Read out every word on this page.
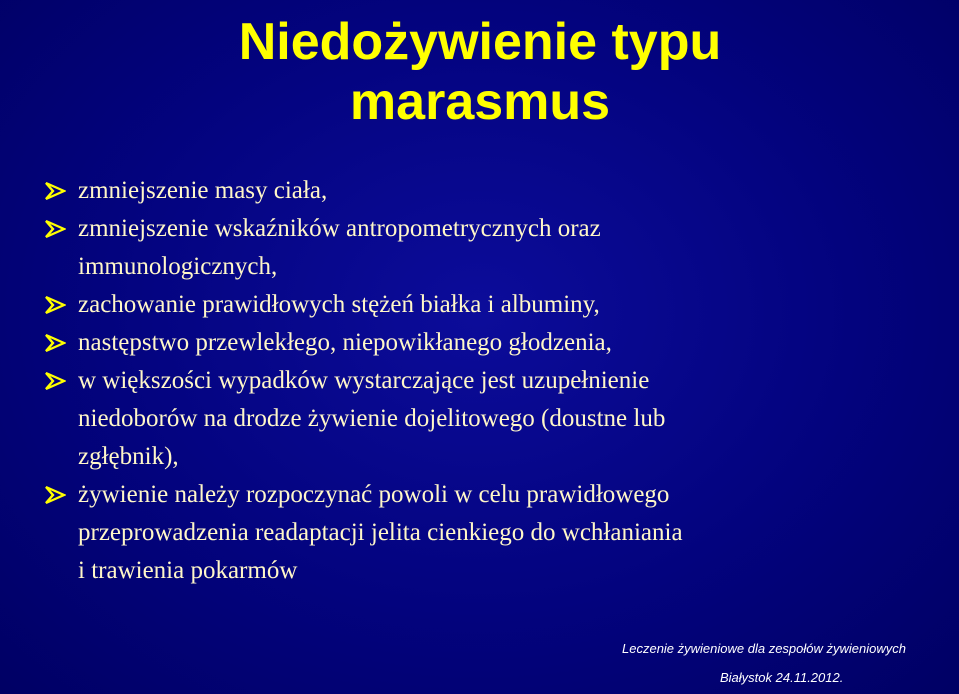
Niedożywienie typu
marasmus
zmniejszenie masy ciała,
zmniejszenie wskaźników antropometrycznych oraz
immunologicznych,
zachowanie prawidłowych stężeń białka i albuminy,
następstwo przewlekłego, niepowikłanego głodzenia,
w większości wypadków wystarczające jest uzupełnienie
niedoborów na drodze żywienie dojelitowego (doustne lub
zgłębnik),
żywienie należy rozpoczynać powoli w celu prawidłowego
przeprowadzenia readaptacji jelita cienkiego do wchłaniania
i trawienia pokarmów
Leczenie żywieniowe dla zespołów żywieniowych
Białystok 24.11.2012.
